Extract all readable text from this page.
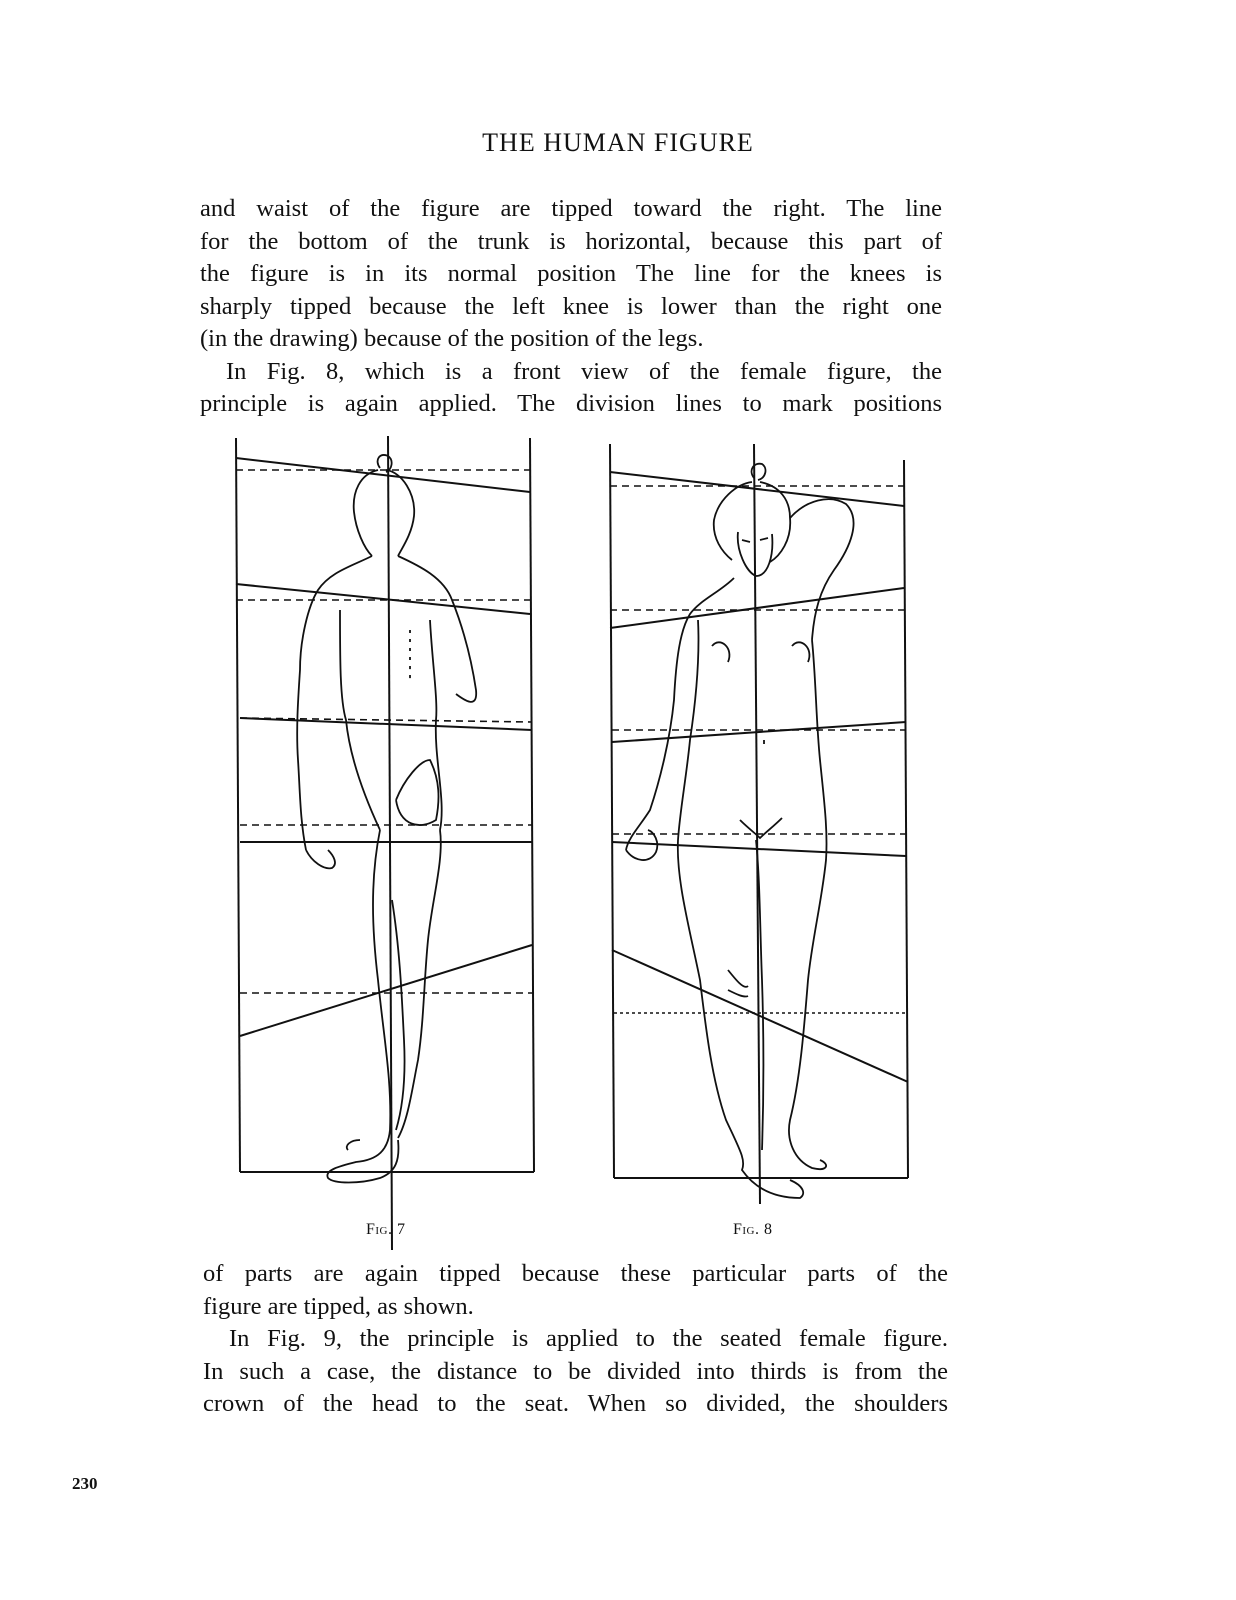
THE HUMAN FIGURE
and waist of the figure are tipped toward the right. The line
for the bottom of the trunk is horizontal, because this part of
the figure is in its normal position The line for the knees is
sharply tipped because the left knee is lower than the right one
(in the drawing) because of the position of the legs.
In Fig. 8, which is a front view of the female figure, the
principle is again applied. The division lines to mark positions
Fig. 7	Fig. 8
of parts are again tipped because these particular parts of the
figure are tipped, as shown.
In Fig. 9, the principle is applied to the seated female figure.
In such a case, the distance to be divided into thirds is from the
crown of the head to the seat. When so divided, the shoulders
230
